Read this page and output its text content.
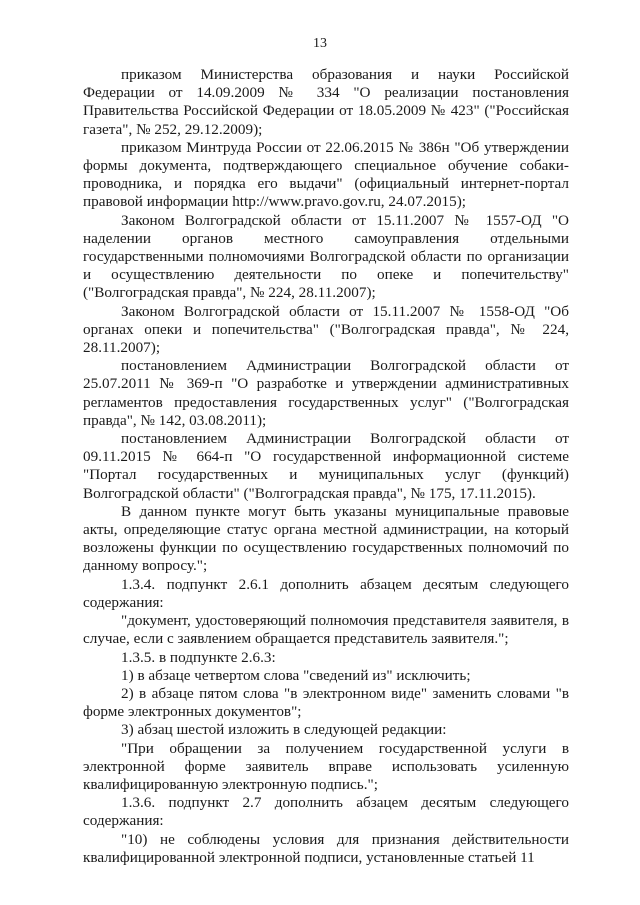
13

приказом Министерства образования и науки Российской Федерации от 14.09.2009 № 334 "О реализации постановления Правительства Российской Федерации от 18.05.2009 № 423" ("Российская газета", № 252, 29.12.2009);

приказом Минтруда России от 22.06.2015 № 386н "Об утверждении формы документа, подтверждающего специальное обучение собаки-проводника, и порядка его выдачи" (официальный интернет-портал правовой информации http://www.pravo.gov.ru, 24.07.2015);

Законом Волгоградской области от 15.11.2007 № 1557-ОД "О наделении органов местного самоуправления отдельными государственными полномочиями Волгоградской области по организации и осуществлению деятельности по опеке и попечительству" ("Волгоградская правда", № 224, 28.11.2007);

Законом Волгоградской области от 15.11.2007 № 1558-ОД "Об органах опеки и попечительства" ("Волгоградская правда", № 224, 28.11.2007);

постановлением Администрации Волгоградской области от 25.07.2011 № 369-п "О разработке и утверждении административных регламентов предоставления государственных услуг" ("Волгоградская правда", № 142, 03.08.2011);

постановлением Администрации Волгоградской области от 09.11.2015 № 664-п "О государственной информационной системе "Портал государственных и муниципальных услуг (функций) Волгоградской области" ("Волгоградская правда", № 175, 17.11.2015).

В данном пункте могут быть указаны муниципальные правовые акты, определяющие статус органа местной администрации, на который возложены функции по осуществлению государственных полномочий по данному вопросу.";

1.3.4. подпункт 2.6.1 дополнить абзацем десятым следующего содержания:

"документ, удостоверяющий полномочия представителя заявителя, в случае, если с заявлением обращается представитель заявителя.";

1.3.5. в подпункте 2.6.3:

1) в абзаце четвертом слова "сведений из" исключить;

2) в абзаце пятом слова "в электронном виде" заменить словами "в форме электронных документов";

3) абзац шестой изложить в следующей редакции:

"При обращении за получением государственной услуги в электронной форме заявитель вправе использовать усиленную квалифицированную электронную подпись.";

1.3.6. подпункт 2.7 дополнить абзацем десятым следующего содержания:

"10) не соблюдены условия для признания действительности квалифицированной электронной подписи, установленные статьей 11
